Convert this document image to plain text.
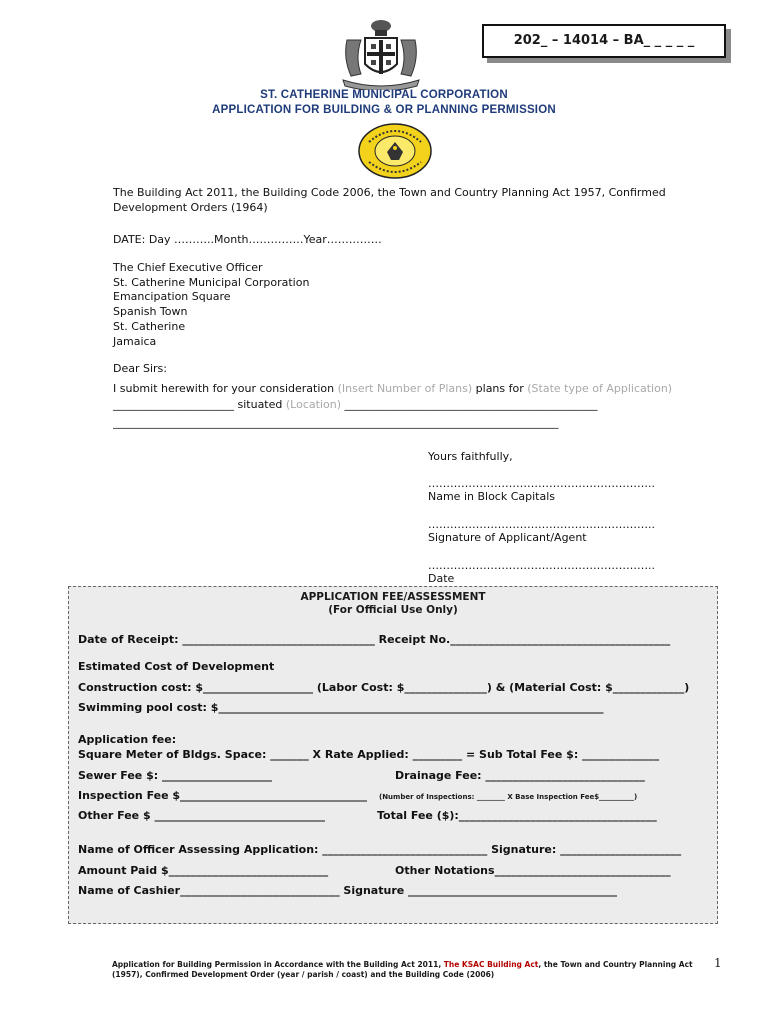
202_ – 14014 – BA_ _ _ _ _
ST. CATHERINE MUNICIPAL CORPORATION
APPLICATION FOR BUILDING & OR PLANNING PERMISSION
The Building Act 2011, the Building Code 2006, the Town and Country Planning Act 1957, Confirmed
Development Orders (1964)
DATE: Day ………..Month……………Year……………
The Chief Executive Officer
St. Catherine Municipal Corporation
Emancipation Square
Spanish Town
St. Catherine
Jamaica
Dear Sirs:
I submit herewith for your consideration (Insert Number of Plans) plans for (State type of Application)
______________________ situated (Location) ______________________________________________
_________________________________________________________________________________
Yours faithfully,
……………………………………………………..
Name in Block Capitals
……………………………………………………..
Signature of Applicant/Agent
……………………………………………………..
Date
APPLICATION FEE/ASSESSMENT
(For Official Use Only)
Date of Receipt: ___________________________________ Receipt No.________________________________________
Estimated Cost of Development
Construction cost: $____________________ (Labor Cost: $_______________) & (Material Cost: $_____________)
Swimming pool cost: $______________________________________________________________________
Application fee:
Square Meter of Bldgs. Space: _______ X Rate Applied: _________ = Sub Total Fee $: ______________
Sewer Fee $: ____________________	Drainage Fee: _____________________________
Inspection Fee $__________________________________ (Number of Inspections: ________ X Base Inspection Fee$__________)
Other Fee $ _______________________________	Total Fee ($):____________________________________
Name of Officer Assessing Application: ______________________________ Signature: ______________________
Amount Paid $_____________________________	Other Notations________________________________
Name of Cashier_____________________________ Signature ______________________________________
Application for Building Permission in Accordance with the Building Act 2011, The KSAC Building Act, the Town and Country Planning Act
(1957), Confirmed Development Order (year / parish / coast) and the Building Code (2006)
1
